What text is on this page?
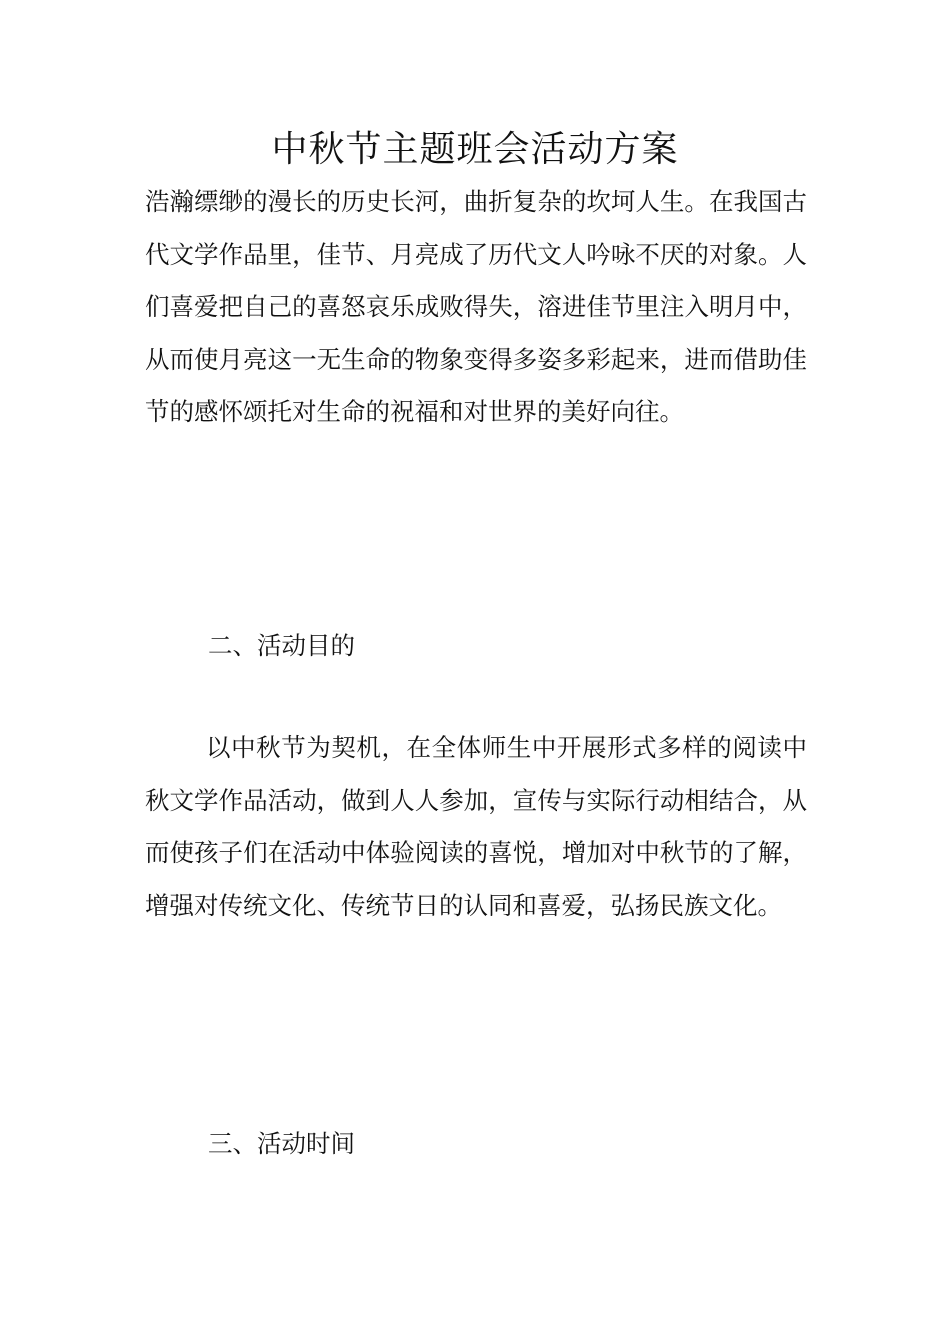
中秋节主题班会活动方案

浩瀚缥缈的漫长的历史长河，曲折复杂的坎坷人生。在我国古代文学作品里，佳节、月亮成了历代文人吟咏不厌的对象。人们喜爱把自己的喜怒哀乐成败得失，溶进佳节里注入明月中，从而使月亮这一无生命的物象变得多姿多彩起来，进而借助佳节的感怀颂托对生命的祝福和对世界的美好向往。

二、活动目的

以中秋节为契机，在全体师生中开展形式多样的阅读中秋文学作品活动，做到人人参加，宣传与实际行动相结合，从而使孩子们在活动中体验阅读的喜悦，增加对中秋节的了解，增强对传统文化、传统节日的认同和喜爱，弘扬民族文化。

三、活动时间
